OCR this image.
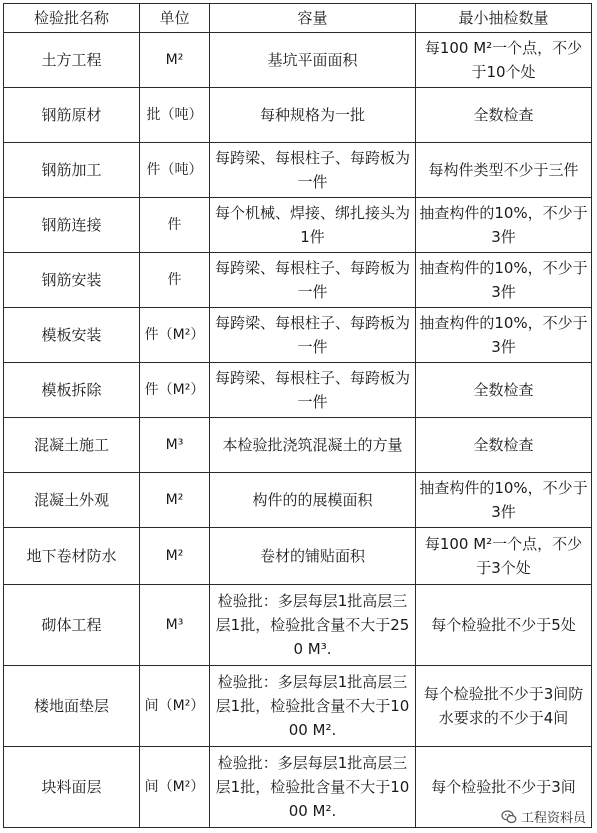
检验批名称	单位	容量	最小抽检数量
土方工程	M²	基坑平面面积	每100 M²一个点，不少于10个处
钢筋原材	批（吨）	每种规格为一批	全数检查
钢筋加工	件（吨）	每跨梁、每根柱子、每跨板为一件	每构件类型不少于三件
钢筋连接	件	每个机械、焊接、绑扎接头为1件	抽查构件的10%，不少于3件
钢筋安装	件	每跨梁、每根柱子、每跨板为一件	抽查构件的10%，不少于3件
模板安装	件（M²）	每跨梁、每根柱子、每跨板为一件	抽查构件的10%，不少于3件
模板拆除	件（M²）	每跨梁、每根柱子、每跨板为一件	全数检查
混凝土施工	M³	本检验批浇筑混凝土的方量	全数检查
混凝土外观	M²	构件的的展模面积	抽查构件的10%，不少于3件
地下卷材防水	M²	卷材的铺贴面积	每100 M²一个点，不少于3个处
砌体工程	M³	检验批：多层每层1批高层三层1批，检验批含量不大于250 M³.	每个检验批不少于5处
楼地面垫层	间（M²）	检验批：多层每层1批高层三层1批，检验批含量不大于1000 M².	每个检验批不少于3间防水要求的不少于4间
块料面层	间（M²）	检验批：多层每层1批高层三层1批，检验批含量不大于1000 M².	每个检验批不少于3间
工程资料员
